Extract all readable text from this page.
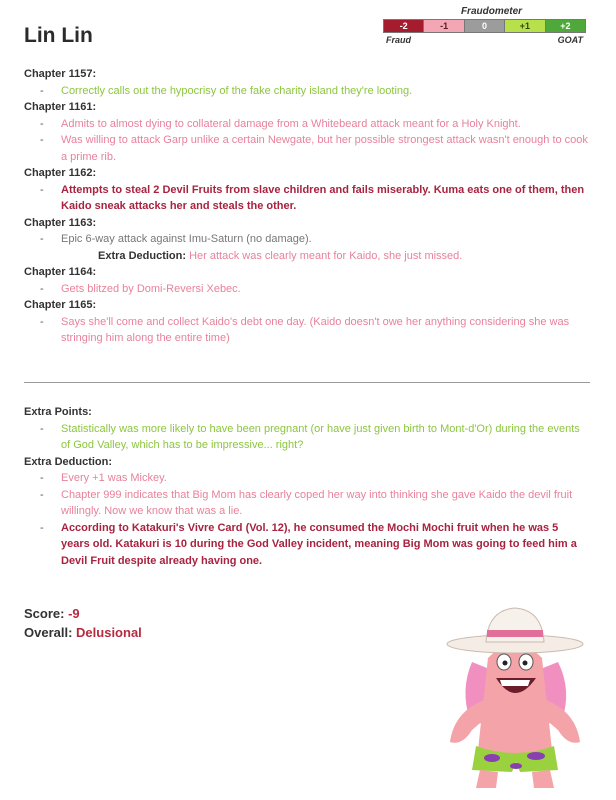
Lin Lin
Fraudometer
-2	-1	0	+1	+2
Fraud	GOAT
Chapter 1157:
- Correctly calls out the hypocrisy of the fake charity island they're looting.
Chapter 1161:
- Admits to almost dying to collateral damage from a Whitebeard attack meant for a Holy Knight.
- Was willing to attack Garp unlike a certain Newgate, but her possible strongest attack wasn't enough to cook a prime rib.
Chapter 1162:
- Attempts to steal 2 Devil Fruits from slave children and fails miserably. Kuma eats one of them, then Kaido sneak attacks her and steals the other.
Chapter 1163:
- Epic 6-way attack against Imu-Saturn (no damage).
Extra Deduction: Her attack was clearly meant for Kaido, she just missed.
Chapter 1164:
- Gets blitzed by Domi-Reversi Xebec.
Chapter 1165:
- Says she'll come and collect Kaido's debt one day. (Kaido doesn't owe her anything considering she was stringing him along the entire time)
Extra Points:
- Statistically was more likely to have been pregnant (or have just given birth to Mont-d'Or) during the events of God Valley, which has to be impressive... right?
Extra Deduction:
- Every +1 was Mickey.
- Chapter 999 indicates that Big Mom has clearly coped her way into thinking she gave Kaido the devil fruit willingly. Now we know that was a lie.
- According to Katakuri's Vivre Card (Vol. 12), he consumed the Mochi Mochi fruit when he was 5 years old. Katakuri is 10 during the God Valley incident, meaning Big Mom was going to feed him a Devil Fruit despite already having one.
Score: -9
Overall: Delusional
